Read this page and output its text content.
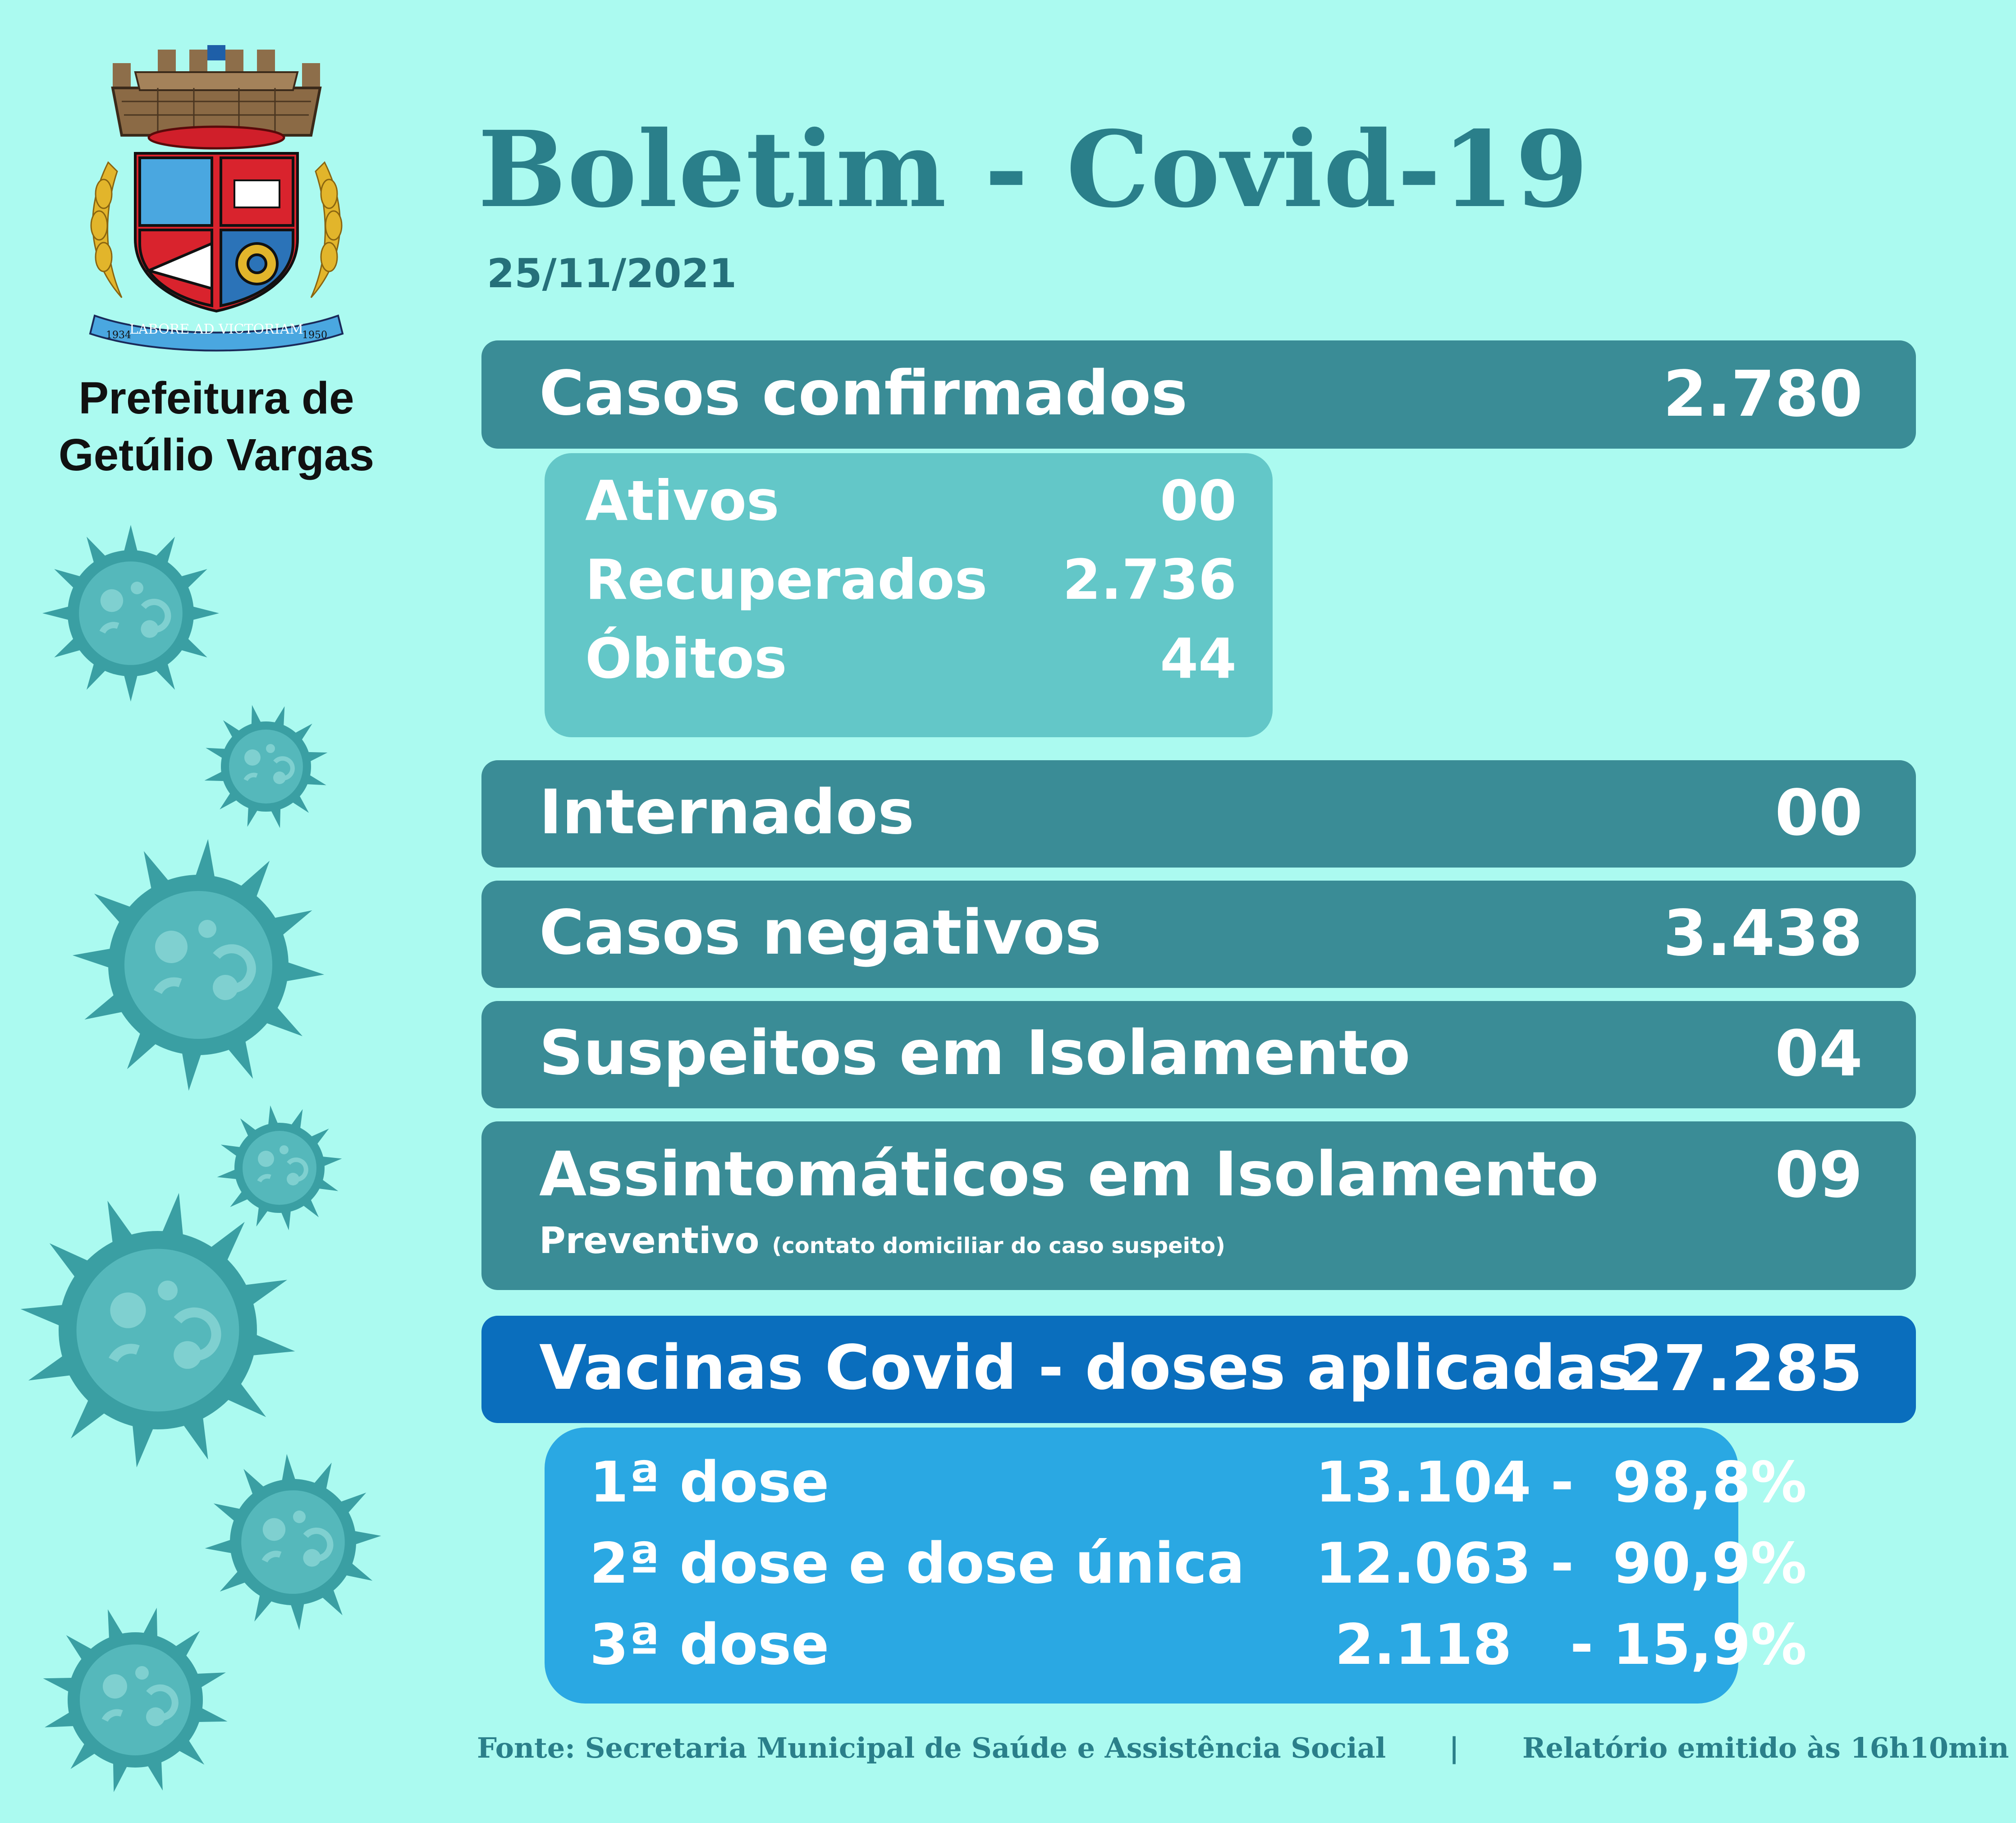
LABORE AD VICTORIAM
1934	1950
Prefeitura de
Getúlio Vargas
Boletim - Covid-19
25/11/2021
Casos confirmados	2.780
Ativos	00
Recuperados 2.736
Óbitos	44
Internados	00
Casos negativos	3.438
Suspeitos em Isolamento	04
Assintomáticos em Isolamento	09
Preventivo (contato domiciliar do caso suspeito)
Vacinas Covid - doses aplicadas
27.285
1ª dose	13.104 -  98,8%
2ª dose e dose única 12.063 -  90,9%
3ª dose	2.118   - 15,9%
Fonte: Secretaria Municipal de Saúde e Assistência Social | Relatório emitido às 16h10min
